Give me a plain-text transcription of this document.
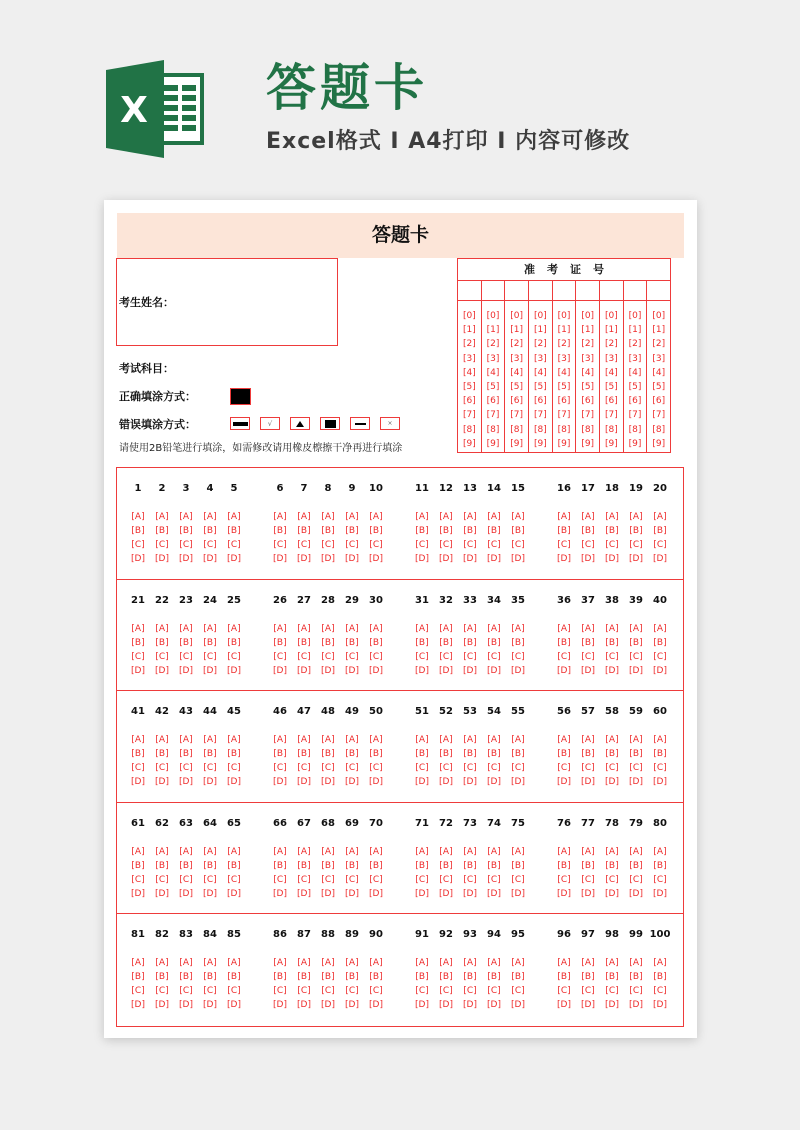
X 答题卡
Excel格式 I A4打印 I 内容可修改
答题卡
考生姓名：
考试科目：
正确填涂方式：
错误填涂方式：	√	×
请使用2B铅笔进行填涂，如需修改请用橡皮檫擦干净再进行填涂
准考证号
[0]
[1]
[2]
[3]
[4]
[5]
[6]
[7]
[8]
[9]
[0]
[1]
[2]
[3]
[4]
[5]
[6]
[7]
[8]
[9]
[0]
[1]
[2]
[3]
[4]
[5]
[6]
[7]
[8]
[9]
[0]
[1]
[2]
[3]
[4]
[5]
[6]
[7]
[8]
[9]
[0]
[1]
[2]
[3]
[4]
[5]
[6]
[7]
[8]
[9]
[0]
[1]
[2]
[3]
[4]
[5]
[6]
[7]
[8]
[9]
[0]
[1]
[2]
[3]
[4]
[5]
[6]
[7]
[8]
[9]
[0]
[1]
[2]
[3]
[4]
[5]
[6]
[7]
[8]
[9]
[0]
[1]
[2]
[3]
[4]
[5]
[6]
[7]
[8]
[9]
1
[A]
[B]
[C]
[D]
2
[A]
[B]
[C]
[D]
3
[A]
[B]
[C]
[D]
4
[A]
[B]
[C]
[D]
5
[A]
[B]
[C]
[D]
6
[A]
[B]
[C]
[D]
7
[A]
[B]
[C]
[D]
8
[A]
[B]
[C]
[D]
9
[A]
[B]
[C]
[D]
10
[A]
[B]
[C]
[D]
11
[A]
[B]
[C]
[D]
12
[A]
[B]
[C]
[D]
13
[A]
[B]
[C]
[D]
14
[A]
[B]
[C]
[D]
15
[A]
[B]
[C]
[D]
16
[A]
[B]
[C]
[D]
17
[A]
[B]
[C]
[D]
18
[A]
[B]
[C]
[D]
19
[A]
[B]
[C]
[D]
20
[A]
[B]
[C]
[D]
21
[A]
[B]
[C]
[D]
22
[A]
[B]
[C]
[D]
23
[A]
[B]
[C]
[D]
24
[A]
[B]
[C]
[D]
25
[A]
[B]
[C]
[D]
26
[A]
[B]
[C]
[D]
27
[A]
[B]
[C]
[D]
28
[A]
[B]
[C]
[D]
29
[A]
[B]
[C]
[D]
30
[A]
[B]
[C]
[D]
31
[A]
[B]
[C]
[D]
32
[A]
[B]
[C]
[D]
33
[A]
[B]
[C]
[D]
34
[A]
[B]
[C]
[D]
35
[A]
[B]
[C]
[D]
36
[A]
[B]
[C]
[D]
37
[A]
[B]
[C]
[D]
38
[A]
[B]
[C]
[D]
39
[A]
[B]
[C]
[D]
40
[A]
[B]
[C]
[D]
41
[A]
[B]
[C]
[D]
42
[A]
[B]
[C]
[D]
43
[A]
[B]
[C]
[D]
44
[A]
[B]
[C]
[D]
45
[A]
[B]
[C]
[D]
46
[A]
[B]
[C]
[D]
47
[A]
[B]
[C]
[D]
48
[A]
[B]
[C]
[D]
49
[A]
[B]
[C]
[D]
50
[A]
[B]
[C]
[D]
51
[A]
[B]
[C]
[D]
52
[A]
[B]
[C]
[D]
53
[A]
[B]
[C]
[D]
54
[A]
[B]
[C]
[D]
55
[A]
[B]
[C]
[D]
56
[A]
[B]
[C]
[D]
57
[A]
[B]
[C]
[D]
58
[A]
[B]
[C]
[D]
59
[A]
[B]
[C]
[D]
60
[A]
[B]
[C]
[D]
61
[A]
[B]
[C]
[D]
62
[A]
[B]
[C]
[D]
63
[A]
[B]
[C]
[D]
64
[A]
[B]
[C]
[D]
65
[A]
[B]
[C]
[D]
66
[A]
[B]
[C]
[D]
67
[A]
[B]
[C]
[D]
68
[A]
[B]
[C]
[D]
69
[A]
[B]
[C]
[D]
70
[A]
[B]
[C]
[D]
71
[A]
[B]
[C]
[D]
72
[A]
[B]
[C]
[D]
73
[A]
[B]
[C]
[D]
74
[A]
[B]
[C]
[D]
75
[A]
[B]
[C]
[D]
76
[A]
[B]
[C]
[D]
77
[A]
[B]
[C]
[D]
78
[A]
[B]
[C]
[D]
79
[A]
[B]
[C]
[D]
80
[A]
[B]
[C]
[D]
81
[A]
[B]
[C]
[D]
82
[A]
[B]
[C]
[D]
83
[A]
[B]
[C]
[D]
84
[A]
[B]
[C]
[D]
85
[A]
[B]
[C]
[D]
86
[A]
[B]
[C]
[D]
87
[A]
[B]
[C]
[D]
88
[A]
[B]
[C]
[D]
89
[A]
[B]
[C]
[D]
90
[A]
[B]
[C]
[D]
91
[A]
[B]
[C]
[D]
92
[A]
[B]
[C]
[D]
93
[A]
[B]
[C]
[D]
94
[A]
[B]
[C]
[D]
95
[A]
[B]
[C]
[D]
96
[A]
[B]
[C]
[D]
97
[A]
[B]
[C]
[D]
98
[A]
[B]
[C]
[D]
99
[A]
[B]
[C]
[D]
100
[A]
[B]
[C]
[D]
